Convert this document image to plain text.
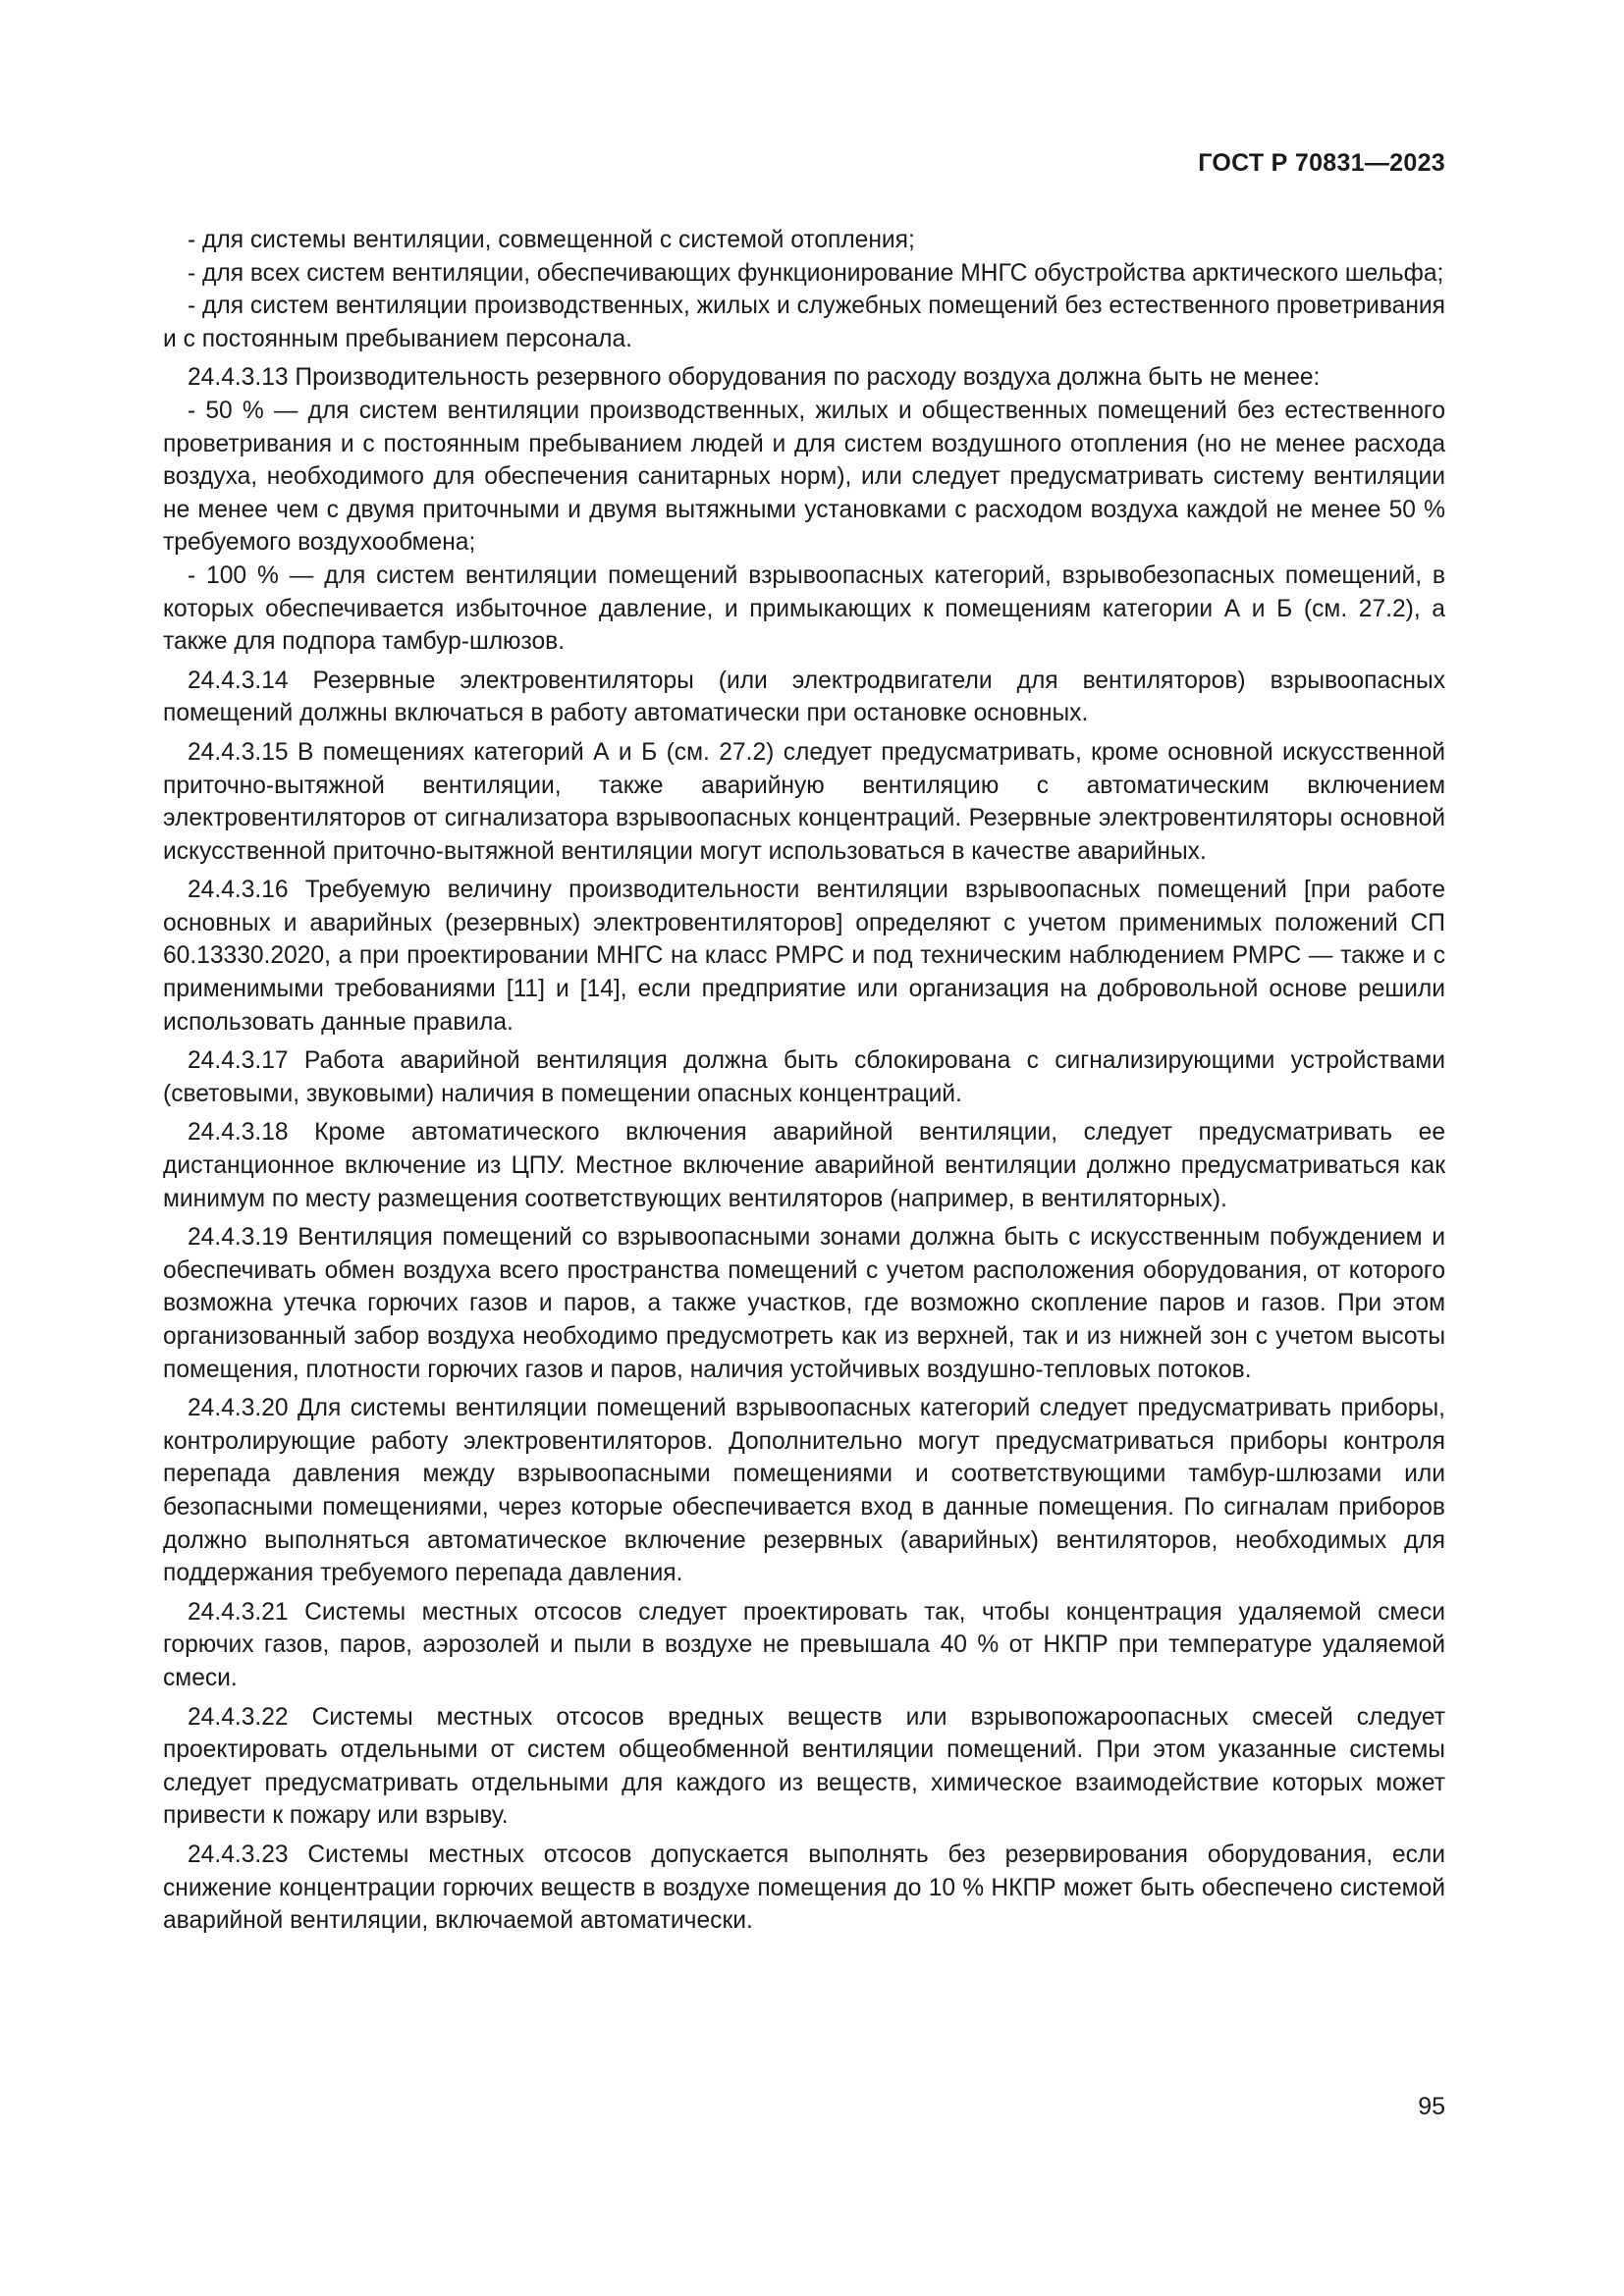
ГОСТ Р 70831—2023

- для системы вентиляции, совмещенной с системой отопления;

- для всех систем вентиляции, обеспечивающих функционирование МНГС обустройства арктического шельфа;

- для систем вентиляции производственных, жилых и служебных помещений без естественного проветривания и с постоянным пребыванием персонала.

24.4.3.13 Производительность резервного оборудования по расходу воздуха должна быть не менее:

- 50 % — для систем вентиляции производственных, жилых и общественных помещений без естественного проветривания и с постоянным пребыванием людей и для систем воздушного отопления (но не менее расхода воздуха, необходимого для обеспечения санитарных норм), или следует предусматривать систему вентиляции не менее чем с двумя приточными и двумя вытяжными установками с расходом воздуха каждой не менее 50 % требуемого воздухообмена;

- 100 % — для систем вентиляции помещений взрывоопасных категорий, взрывобезопасных помещений, в которых обеспечивается избыточное давление, и примыкающих к помещениям категории А и Б (см. 27.2), а также для подпора тамбур-шлюзов.

24.4.3.14 Резервные электровентиляторы (или электродвигатели для вентиляторов) взрывоопасных помещений должны включаться в работу автоматически при остановке основных.

24.4.3.15 В помещениях категорий А и Б (см. 27.2) следует предусматривать, кроме основной искусственной приточно-вытяжной вентиляции, также аварийную вентиляцию с автоматическим включением электровентиляторов от сигнализатора взрывоопасных концентраций. Резервные электровентиляторы основной искусственной приточно-вытяжной вентиляции могут использоваться в качестве аварийных.

24.4.3.16 Требуемую величину производительности вентиляции взрывоопасных помещений [при работе основных и аварийных (резервных) электровентиляторов] определяют с учетом применимых положений СП 60.13330.2020, а при проектировании МНГС на класс РМРС и под техническим наблюдением РМРС — также и с применимыми требованиями [11] и [14], если предприятие или организация на добровольной основе решили использовать данные правила.

24.4.3.17 Работа аварийной вентиляция должна быть сблокирована с сигнализирующими устройствами (световыми, звуковыми) наличия в помещении опасных концентраций.

24.4.3.18 Кроме автоматического включения аварийной вентиляции, следует предусматривать ее дистанционное включение из ЦПУ. Местное включение аварийной вентиляции должно предусматриваться как минимум по месту размещения соответствующих вентиляторов (например, в вентиляторных).

24.4.3.19 Вентиляция помещений со взрывоопасными зонами должна быть с искусственным побуждением и обеспечивать обмен воздуха всего пространства помещений с учетом расположения оборудования, от которого возможна утечка горючих газов и паров, а также участков, где возможно скопление паров и газов. При этом организованный забор воздуха необходимо предусмотреть как из верхней, так и из нижней зон с учетом высоты помещения, плотности горючих газов и паров, наличия устойчивых воздушно-тепловых потоков.

24.4.3.20 Для системы вентиляции помещений взрывоопасных категорий следует предусматривать приборы, контролирующие работу электровентиляторов. Дополнительно могут предусматриваться приборы контроля перепада давления между взрывоопасными помещениями и соответствующими тамбур-шлюзами или безопасными помещениями, через которые обеспечивается вход в данные помещения. По сигналам приборов должно выполняться автоматическое включение резервных (аварийных) вентиляторов, необходимых для поддержания требуемого перепада давления.

24.4.3.21 Системы местных отсосов следует проектировать так, чтобы концентрация удаляемой смеси горючих газов, паров, аэрозолей и пыли в воздухе не превышала 40 % от НКПР при температуре удаляемой смеси.

24.4.3.22 Системы местных отсосов вредных веществ или взрывопожароопасных смесей следует проектировать отдельными от систем общеобменной вентиляции помещений. При этом указанные системы следует предусматривать отдельными для каждого из веществ, химическое взаимодействие которых может привести к пожару или взрыву.

24.4.3.23 Системы местных отсосов допускается выполнять без резервирования оборудования, если снижение концентрации горючих веществ в воздухе помещения до 10 % НКПР может быть обеспечено системой аварийной вентиляции, включаемой автоматически.

95
